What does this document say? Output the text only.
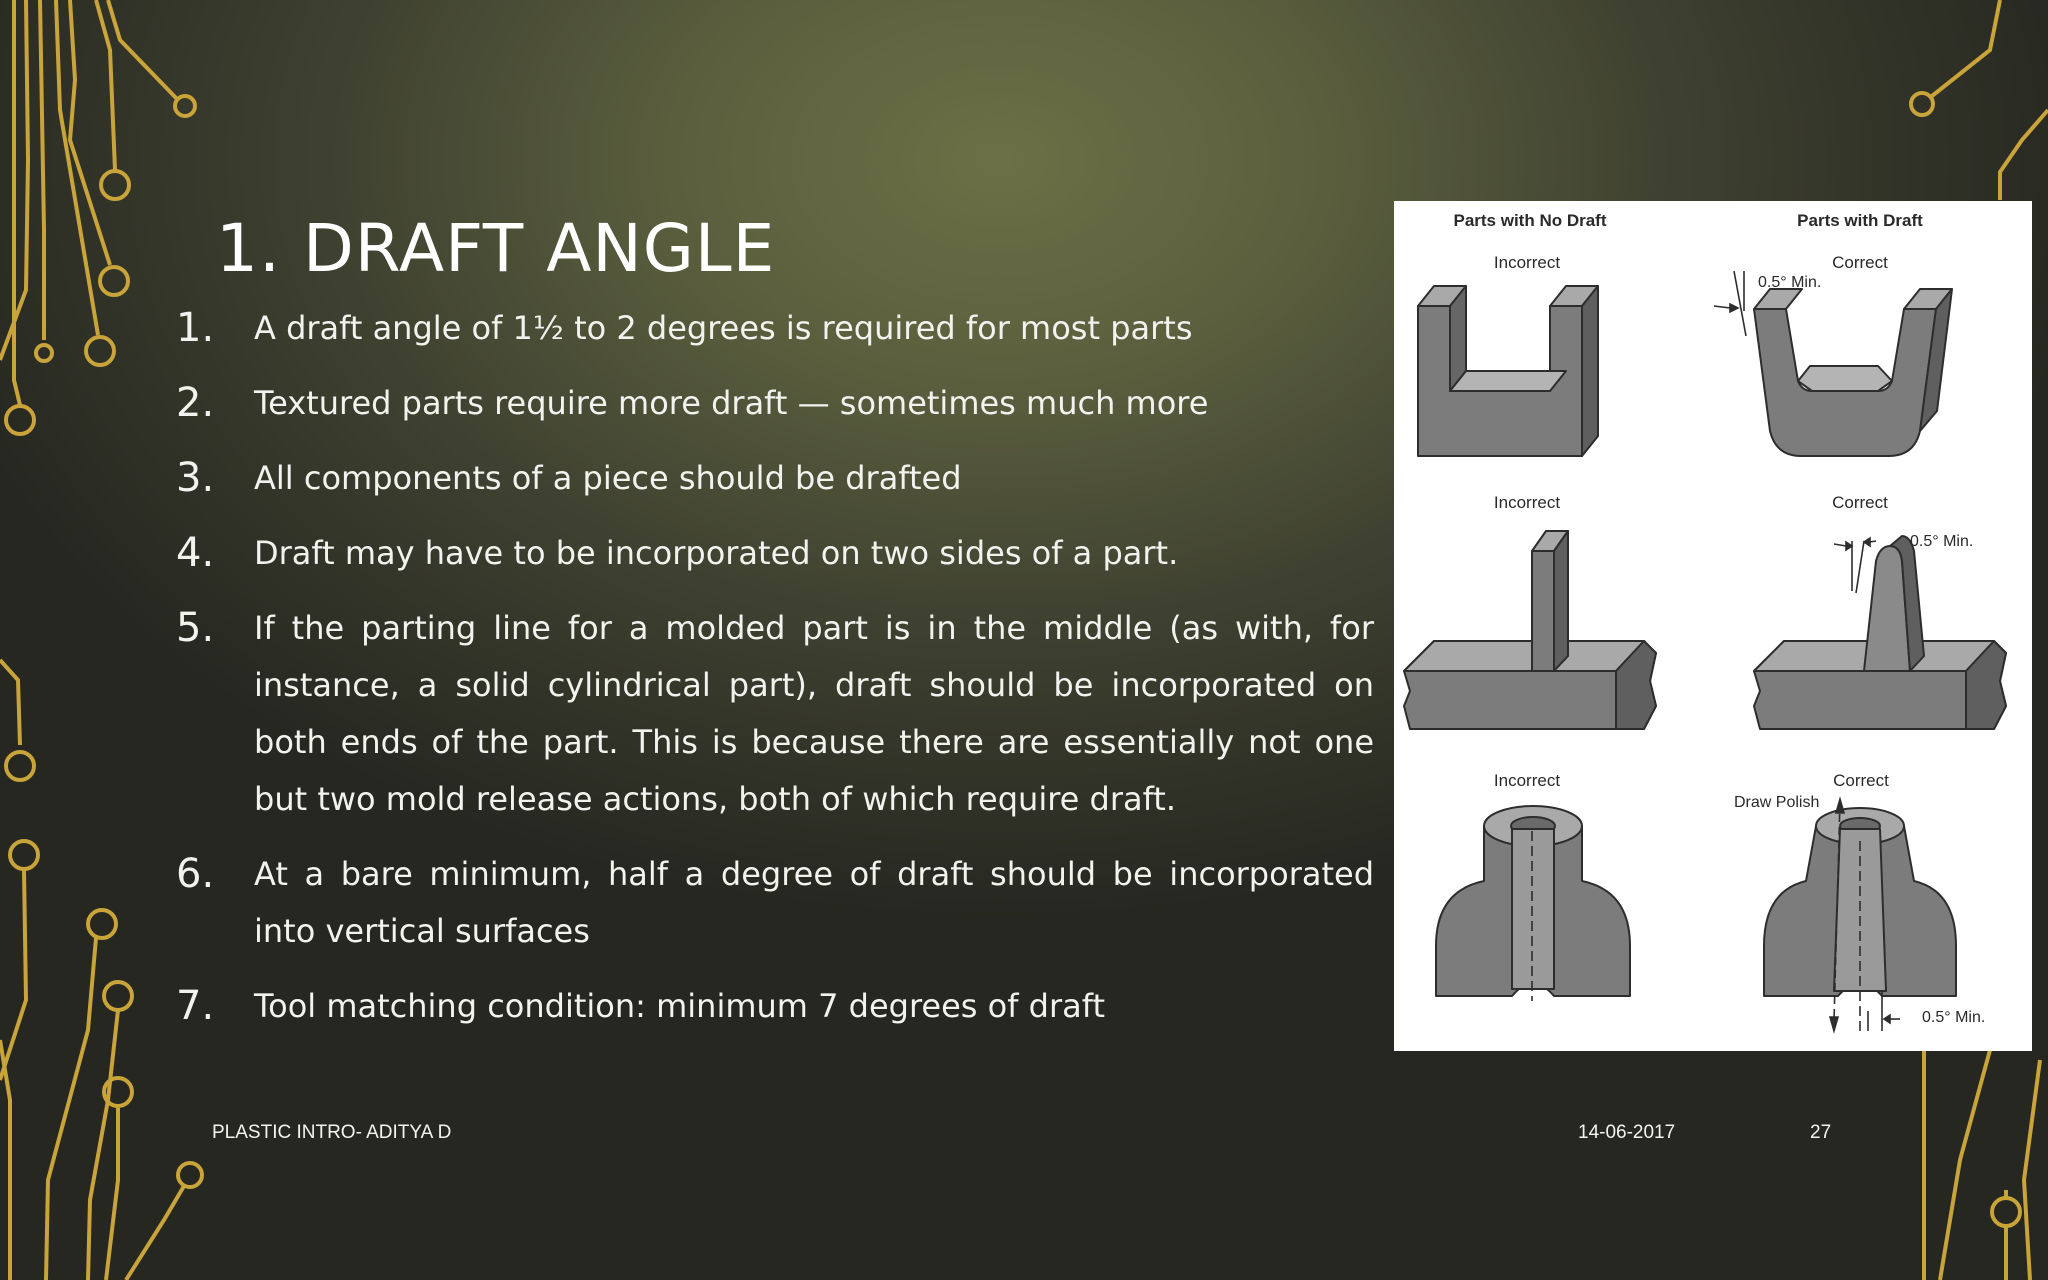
1. DRAFT ANGLE
1.	A draft angle of 1½ to 2 degrees is required for most parts
2.	Textured parts require more draft — sometimes much more
3.	All components of a piece should be drafted
4.	Draft may have to be incorporated on two sides of a part.
5.	If the parting line for a molded part is in the middle (as with, for instance, a solid cylindrical part), draft should be incorporated on both ends of the part. This is because there are essentially not one but two mold release actions, both of which require draft.
6.	At a bare minimum, half a degree of draft should be incorporated into vertical surfaces
7.	Tool matching condition: minimum 7 degrees of draft
Parts with No Draft	Parts with Draft
Incorrect	Correct
0.5° Min.
Incorrect	Correct
0.5° Min.
Incorrect	Correct
Draw Polish
0.5° Min.
PLASTIC INTRO- ADITYA D	14-06-2017	27
